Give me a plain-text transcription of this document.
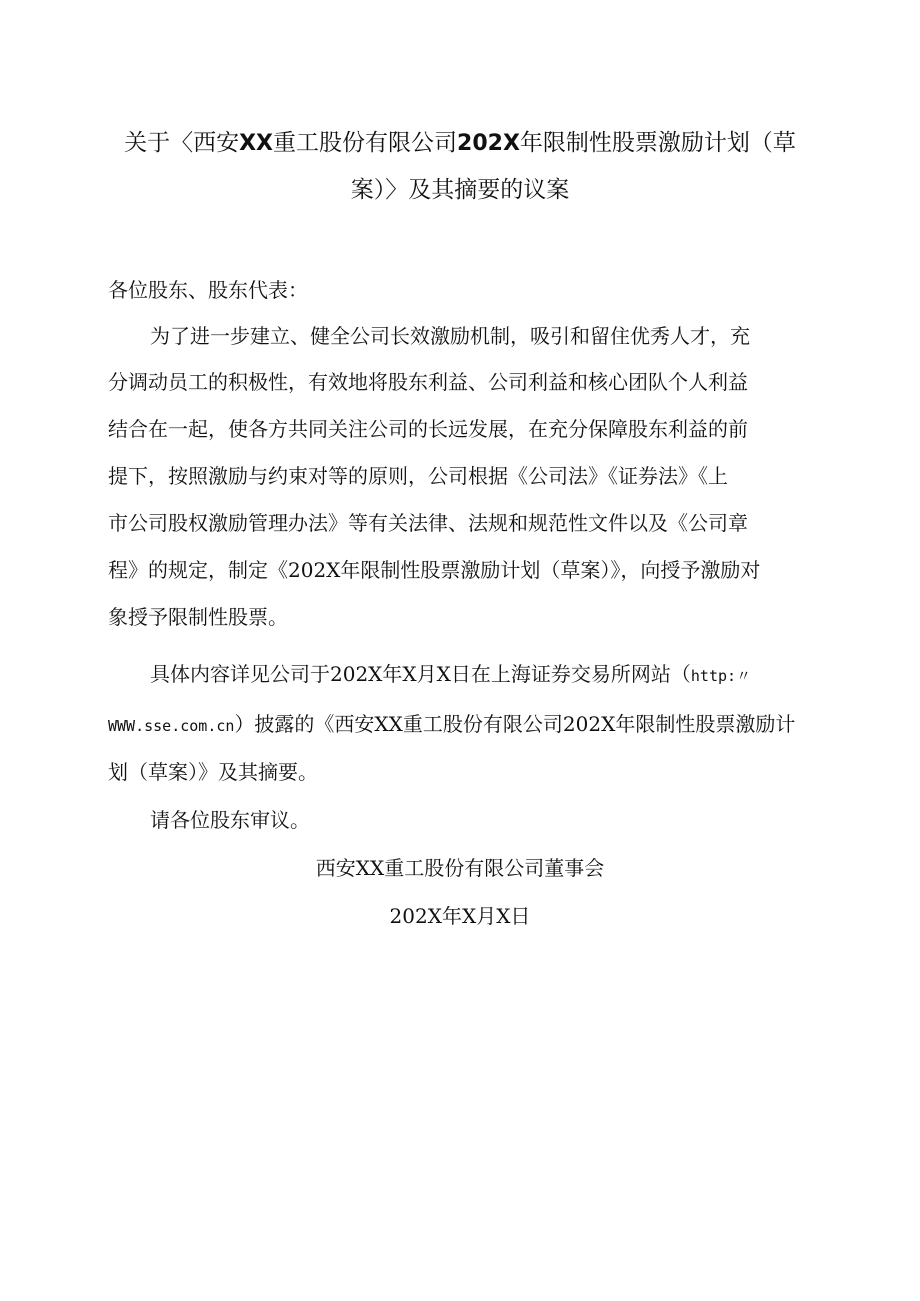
关于〈西安XX重工股份有限公司202X年限制性股票激励计划（草
案）〉及其摘要的议案
各位股东、股东代表：
为了进一步建立、健全公司长效激励机制，吸引和留住优秀人才，充
分调动员工的积极性，有效地将股东利益、公司利益和核心团队个人利益
结合在一起，使各方共同关注公司的长远发展，在充分保障股东利益的前
提下，按照激励与约束对等的原则，公司根据《公司法》《证券法》《上
市公司股权激励管理办法》等有关法律、法规和规范性文件以及《公司章
程》的规定，制定《202X年限制性股票激励计划（草案）》，向授予激励对
象授予限制性股票。
具体内容详见公司于202X年X月X日在上海证券交易所网站（http:〃
WWW.sse.com.cn）披露的《西安XX重工股份有限公司202X年限制性股票激励计
划（草案）》及其摘要。
请各位股东审议。
西安XX重工股份有限公司董事会
202X年X月X日
